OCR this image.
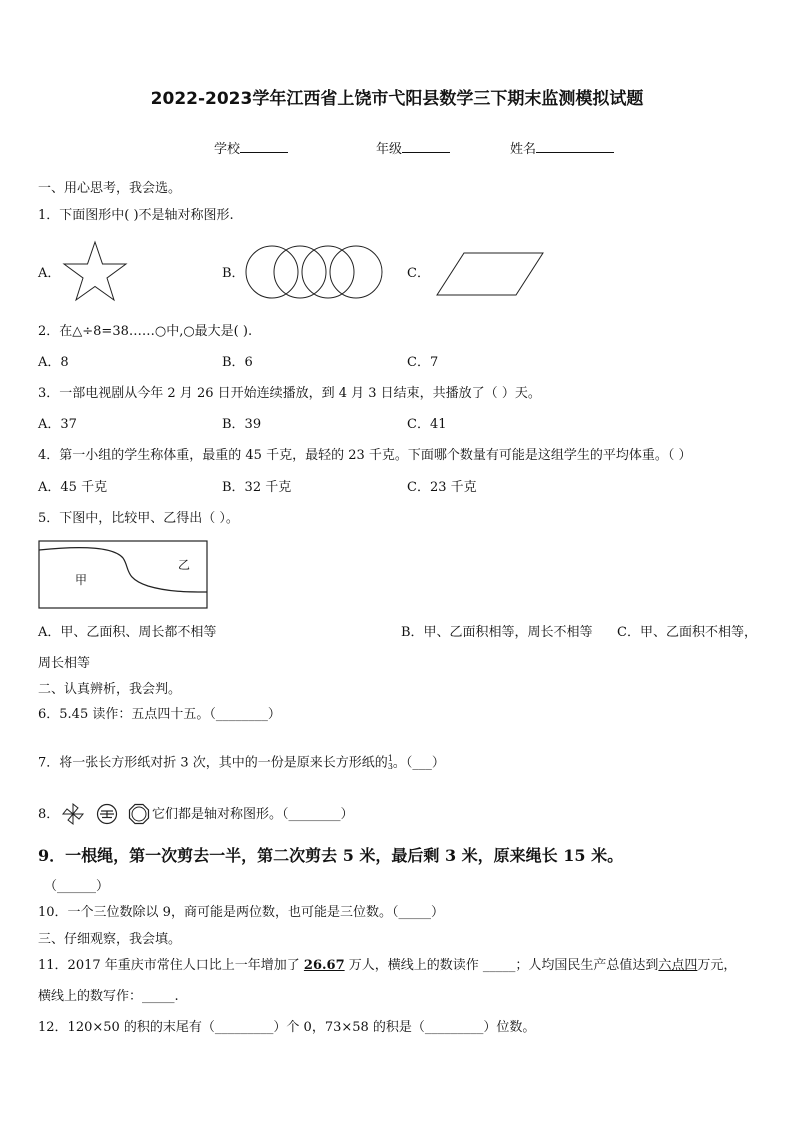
2022-2023学年江西省上饶市弋阳县数学三下期末监测模拟试题
学校	年级	姓名
一、用心思考，我会选。
1．下面图形中( )不是轴对称图形.
A．	B．	C．
2．在△÷8=38……○中,○最大是( ).
A．8	B．6	C．7
3．一部电视剧从今年 2 月 26 日开始连续播放，到 4 月 3 日结束，共播放了（ ）天。
A．37	B．39	C．41
4．第一小组的学生称体重，最重的 45 千克，最轻的 23 千克。下面哪个数量有可能是这组学生的平均体重。（ ）
A．45 千克	B．32 千克	C．23 千克
5．下图中，比较甲、乙得出（ ）。
甲
乙
A．甲、乙面积、周长都不相等	B．甲、乙面积相等，周长不相等 C．甲、乙面积不相等，
周长相等
二、认真辨析，我会判。
6．5.45 读作：五点四十五。（________）
7．将一张长方形纸对折 3 次，其中的一份是原来长方形纸的1
3。（___）
8．	它们都是轴对称图形。（________）
9．一根绳，第一次剪去一半，第二次剪去 5 米，最后剩 3 米，原来绳长 15 米。
（______）
10．一个三位数除以 9，商可能是两位数，也可能是三位数。（_____）
三、仔细观察，我会填。
11．2017 年重庆市常住人口比上一年增加了 26.67 万人，横线上的数读作 _____；人均国民生产总值达到六点四万元，
横线上的数写作：_____.
12．120×50 的积的末尾有（_________）个 0，73×58 的积是（_________）位数。
